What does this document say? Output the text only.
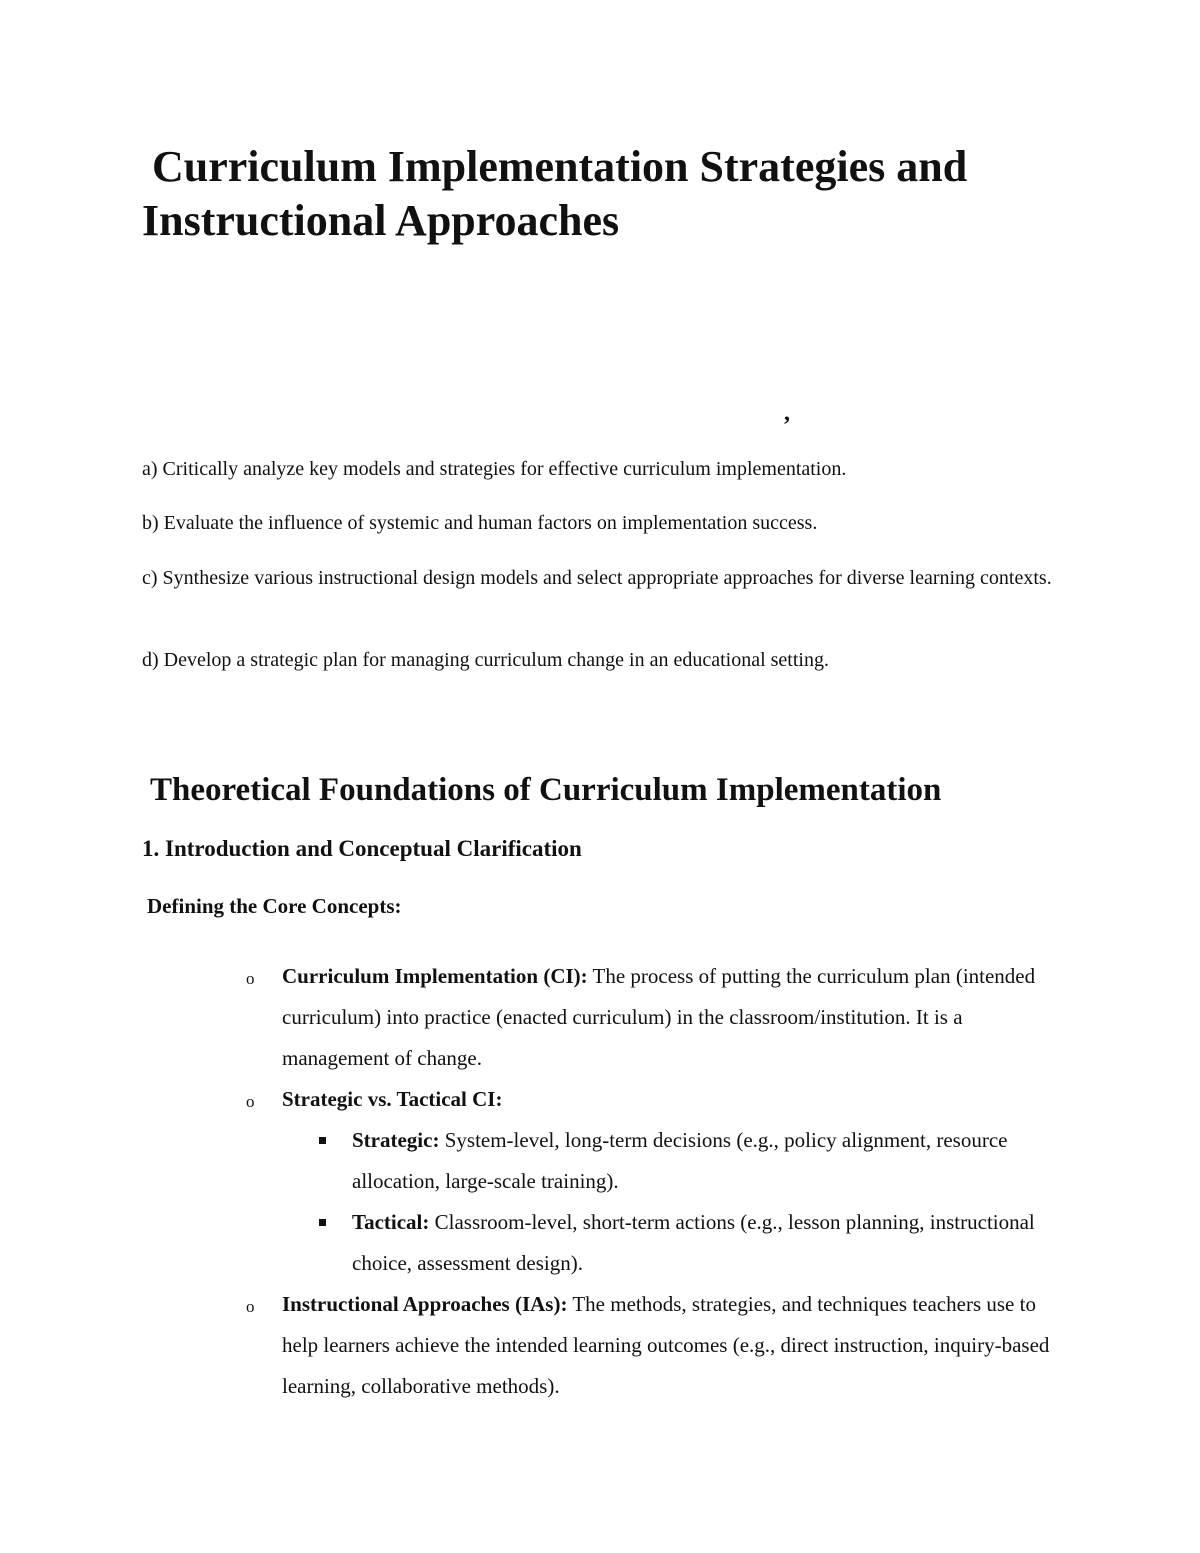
Curriculum Implementation Strategies and
Instructional Approaches
,

a) Critically analyze key models and strategies for effective curriculum implementation.

b) Evaluate the influence of systemic and human factors on implementation success.

c) Synthesize various instructional design models and select appropriate approaches for diverse learning contexts.

d) Develop a strategic plan for managing curriculum change in an educational setting.

Theoretical Foundations of Curriculum Implementation
1. Introduction and Conceptual Clarification
Defining the Core Concepts:
o Curriculum Implementation (CI): The process of putting the curriculum plan (intended curriculum) into practice (enacted curriculum) in the classroom/institution. It is a management of change.

o Strategic vs. Tactical CI:

Strategic: System-level, long-term decisions (e.g., policy alignment, resource allocation, large-scale training).

Tactical: Classroom-level, short-term actions (e.g., lesson planning, instructional choice, assessment design).

o Instructional Approaches (IAs): The methods, strategies, and techniques teachers use to help learners achieve the intended learning outcomes (e.g., direct instruction, inquiry-based learning, collaborative methods).
